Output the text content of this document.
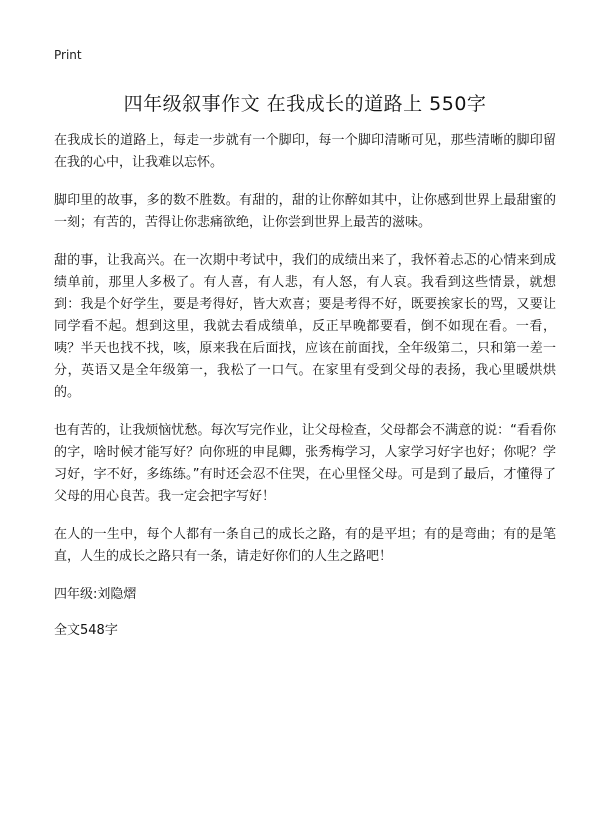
Print
四年级叙事作文 在我成长的道路上 550字

在我成长的道路上，每走一步就有一个脚印，每一个脚印清晰可见，那些清晰的脚印留在我的心中，让我难以忘怀。

脚印里的故事，多的数不胜数。有甜的，甜的让你醉如其中，让你感到世界上最甜蜜的一刻；有苦的，苦得让你悲痛欲绝，让你尝到世界上最苦的滋味。

甜的事，让我高兴。在一次期中考试中，我们的成绩出来了，我怀着忐忑的心情来到成绩单前，那里人多极了。有人喜，有人悲，有人怒，有人哀。我看到这些情景，就想到：我是个好学生，要是考得好，皆大欢喜；要是考得不好，既要挨家长的骂，又要让同学看不起。想到这里，我就去看成绩单，反正早晚都要看，倒不如现在看。一看，咦？半天也找不找，咳，原来我在后面找，应该在前面找，全年级第二，只和第一差一分，英语又是全年级第一，我松了一口气。在家里有受到父母的表扬，我心里暖烘烘的。

也有苦的，让我烦恼忧愁。每次写完作业，让父母检查，父母都会不满意的说：“看看你的字，啥时候才能写好？向你班的申昆卿，张秀梅学习，人家学习好字也好；你呢？学习好，字不好，多练练。”有时还会忍不住哭，在心里怪父母。可是到了最后，才懂得了父母的用心良苦。我一定会把字写好！

在人的一生中，每个人都有一条自己的成长之路，有的是平坦；有的是弯曲；有的是笔直，人生的成长之路只有一条，请走好你们的人生之路吧！

四年级:刘隐熠

全文548字
